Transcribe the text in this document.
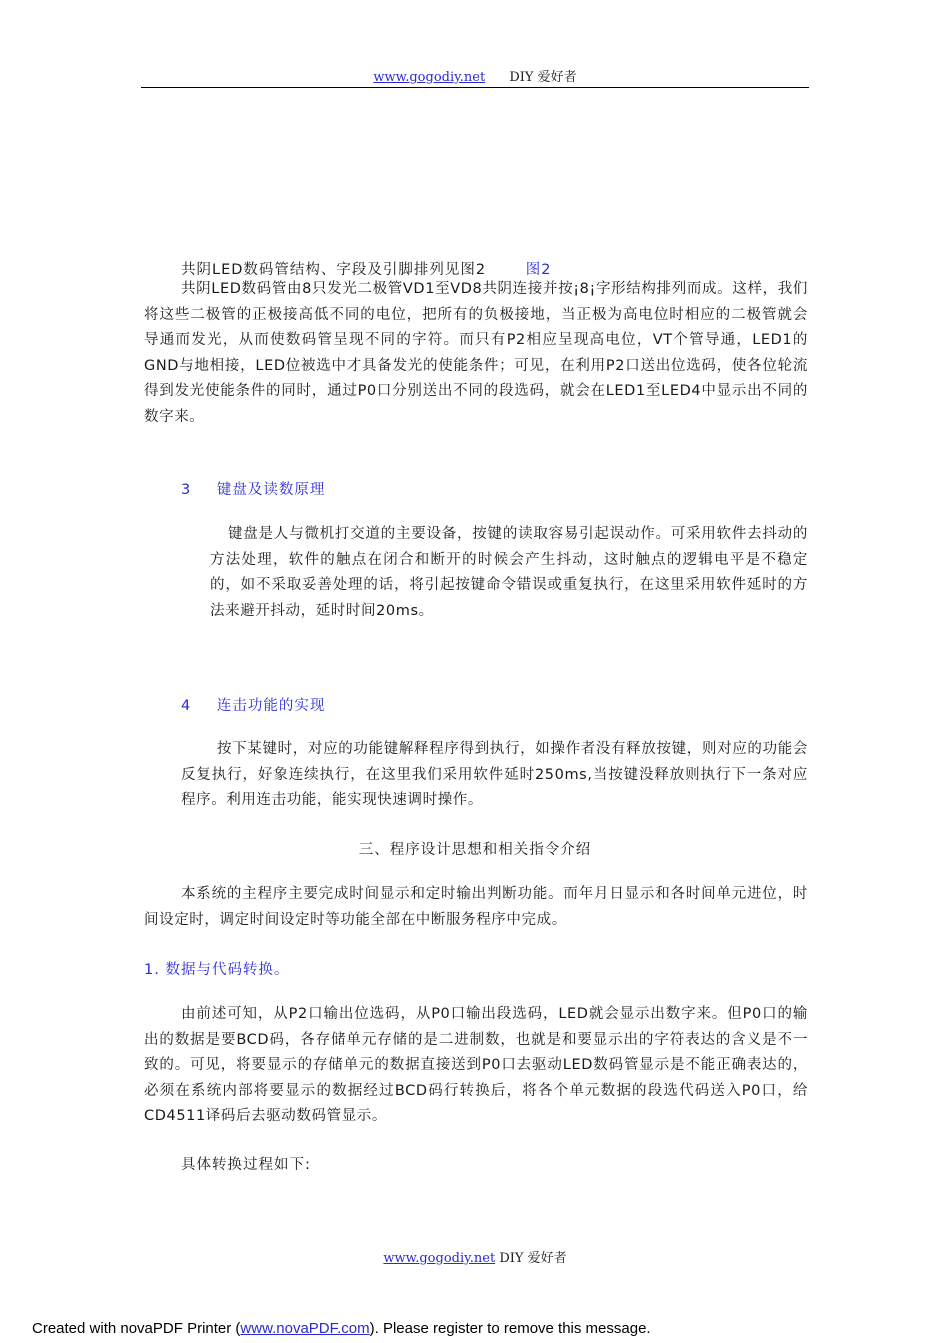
www.gogodiy.net DIY 爱好者
共阴LED数码管结构、字段及引脚排列见图2	图2

共阴LED数码管由8只发光二极管VD1至VD8共阴连接并按¡8¡字形结构排列而成。这样，我们将这些二极管的正极接高低不同的电位，把所有的负极接地，当正极为高电位时相应的二极管就会导通而发光，从而使数码管呈现不同的字符。而只有P2相应呈现高电位，VT个管导通，LED1的GND与地相接，LED位被选中才具备发光的使能条件；可见，在利用P2口送出位选码，使各位轮流得到发光使能条件的同时，通过P0口分别送出不同的段选码，就会在LED1至LED4中显示出不同的数字来。

3 键盘及读数原理

键盘是人与微机打交道的主要设备，按键的读取容易引起误动作。可采用软件去抖动的方法处理，软件的触点在闭合和断开的时候会产生抖动，这时触点的逻辑电平是不稳定的，如不采取妥善处理的话，将引起按键命令错误或重复执行，在这里采用软件延时的方法来避开抖动，延时时间20ms。

4 连击功能的实现

按下某键时，对应的功能键解释程序得到执行，如操作者没有释放按键，则对应的功能会反复执行，好象连续执行，在这里我们采用软件延时250ms,当按键没释放则执行下一条对应程序。利用连击功能，能实现快速调时操作。

三、程序设计思想和相关指令介绍

本系统的主程序主要完成时间显示和定时输出判断功能。而年月日显示和各时间单元进位，时间设定时，调定时间设定时等功能全部在中断服务程序中完成。

1. 数据与代码转换。

由前述可知，从P2口输出位选码，从P0口输出段选码，LED就会显示出数字来。但P0口的输出的数据是要BCD码，各存储单元存储的是二进制数，也就是和要显示出的字符表达的含义是不一致的。可见，将要显示的存储单元的数据直接送到P0口去驱动LED数码管显示是不能正确表达的，必须在系统内部将要显示的数据经过BCD码行转换后，将各个单元数据的段选代码送入P0口，给CD4511译码后去驱动数码管显示。

具体转换过程如下:
www.gogodiy.net DIY 爱好者
Created with novaPDF Printer (www.novaPDF.com). Please register to remove this message.
